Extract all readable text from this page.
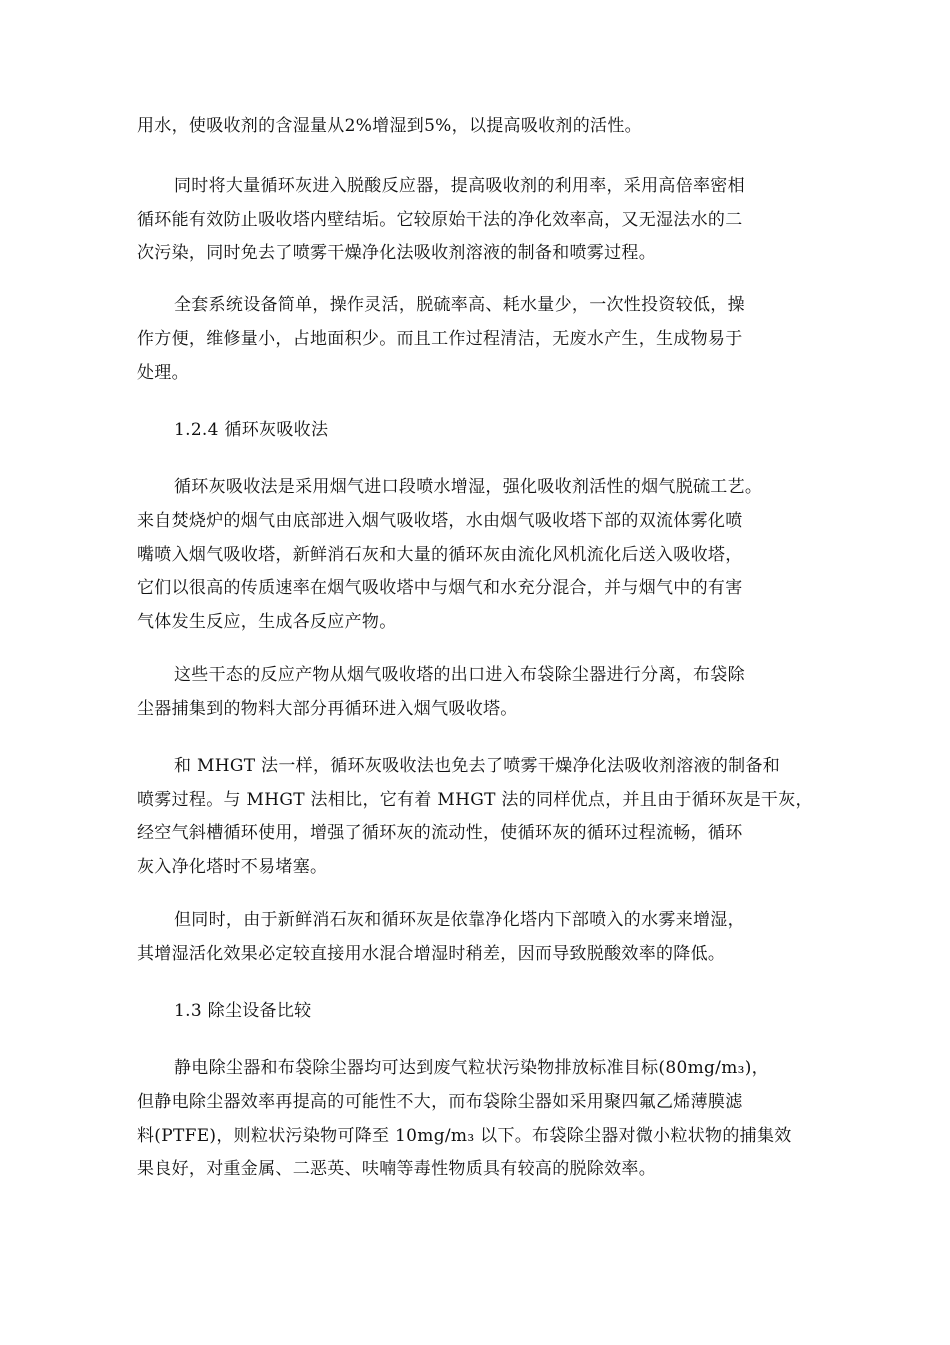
用水，使吸收剂的含湿量从2%增湿到5%，以提高吸收剂的活性。
同时将大量循环灰进入脱酸反应器，提高吸收剂的利用率，采用高倍率密相
循环能有效防止吸收塔内壁结垢。它较原始干法的净化效率高，又无湿法水的二
次污染，同时免去了喷雾干燥净化法吸收剂溶液的制备和喷雾过程。
全套系统设备简单，操作灵活，脱硫率高、耗水量少，一次性投资较低，操
作方便，维修量小，占地面积少。而且工作过程清洁，无废水产生，生成物易于
处理。
1.2.4 循环灰吸收法
循环灰吸收法是采用烟气进口段喷水增湿，强化吸收剂活性的烟气脱硫工艺。
来自焚烧炉的烟气由底部进入烟气吸收塔，水由烟气吸收塔下部的双流体雾化喷
嘴喷入烟气吸收塔，新鲜消石灰和大量的循环灰由流化风机流化后送入吸收塔，
它们以很高的传质速率在烟气吸收塔中与烟气和水充分混合，并与烟气中的有害
气体发生反应，生成各反应产物。
这些干态的反应产物从烟气吸收塔的出口进入布袋除尘器进行分离，布袋除
尘器捕集到的物料大部分再循环进入烟气吸收塔。
和 MHGT 法一样，循环灰吸收法也免去了喷雾干燥净化法吸收剂溶液的制备和
喷雾过程。与 MHGT 法相比，它有着 MHGT 法的同样优点，并且由于循环灰是干灰，
经空气斜槽循环使用，增强了循环灰的流动性，使循环灰的循环过程流畅，循环
灰入净化塔时不易堵塞。
但同时，由于新鲜消石灰和循环灰是依靠净化塔内下部喷入的水雾来增湿，
其增湿活化效果必定较直接用水混合增湿时稍差，因而导致脱酸效率的降低。
1.3 除尘设备比较
静电除尘器和布袋除尘器均可达到废气粒状污染物排放标准目标(80mg/m₃)，
但静电除尘器效率再提高的可能性不大，而布袋除尘器如采用聚四氟乙烯薄膜滤
料(PTFE)，则粒状污染物可降至 10mg/m₃ 以下。布袋除尘器对微小粒状物的捕集效
果良好，对重金属、二恶英、呋喃等毒性物质具有较高的脱除效率。
